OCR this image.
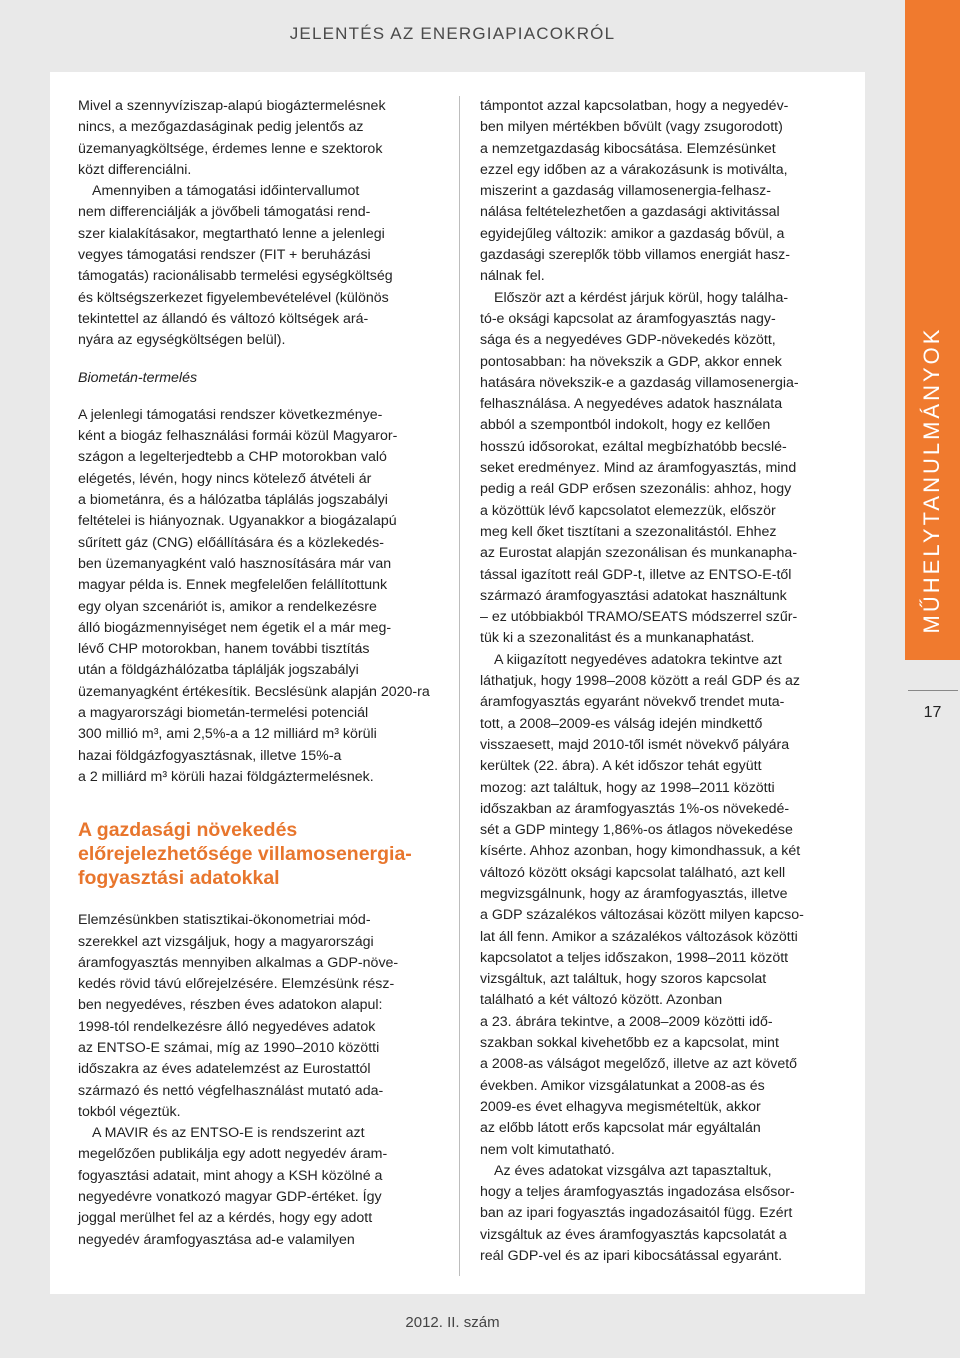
JELENTÉS AZ ENERGIAPIACOKRÓL

Mivel a szennyvíziszap-alapú biogáztermelésnek
nincs, a mezőgazdaságinak pedig jelentős az
üzemanyagköltsége, érdemes lenne e szektorok
közt differenciálni.

Amennyiben a támogatási időintervallumot
nem differenciálják a jövőbeli támogatási rend-
szer kialakításakor, megtartható lenne a jelenlegi
vegyes támogatási rendszer (FIT + beruházási
támogatás) racionálisabb termelési egységköltség
és költségszerkezet figyelembevételével (különös
tekintettel az állandó és változó költségek ará-
nyára az egységköltségen belül).

Biometán-termelés

A jelenlegi támogatási rendszer következménye-
ként a biogáz felhasználási formái közül Magyaror-
szágon a legelterjedtebb a CHP motorokban való
elégetés, lévén, hogy nincs kötelező átvételi ár
a biometánra, és a hálózatba táplálás jogszabályi
feltételei is hiányoznak. Ugyanakkor a biogázalapú
sűrített gáz (CNG) előállítására és a közlekedés-
ben üzemanyagként való hasznosítására már van
magyar példa is. Ennek megfelelően felállítottunk
egy olyan szcenáriót is, amikor a rendelkezésre
álló biogázmennyiséget nem égetik el a már meg-
lévő CHP motorokban, hanem további tisztítás
után a földgázhálózatba táplálják jogszabályi
üzemanyagként értékesítik. Becslésünk alapján 2020-ra
a magyarországi biometán-termelési potenciál
300 millió m³, ami 2,5%-a a 12 milliárd m³ körüli
hazai földgázfogyasztásnak, illetve 15%-a
a 2 milliárd m³ körüli hazai földgáztermelésnek.

A gazdasági növekedés
előrejelezhetősége villamosenergia-
fogyasztási adatokkal

Elemzésünkben statisztikai-ökonometriai mód-
szerekkel azt vizsgáljuk, hogy a magyarországi
áramfogyasztás mennyiben alkalmas a GDP-növe-
kedés rövid távú előrejelzésére. Elemzésünk rész-
ben negyedéves, részben éves adatokon alapul:
1998-tól rendelkezésre álló negyedéves adatok
az ENTSO-E számai, míg az 1990–2010 közötti
időszakra az éves adatelemzést az Eurostattól
származó és nettó végfelhasználást mutató ada-
tokból végeztük.

A MAVIR és az ENTSO-E is rendszerint azt
megelőzően publikálja egy adott negyedév áram-
fogyasztási adatait, mint ahogy a KSH közölné a
negyedévre vonatkozó magyar GDP-értéket. Így
joggal merülhet fel az a kérdés, hogy egy adott
negyedév áramfogyasztása ad-e valamilyen

támpontot azzal kapcsolatban, hogy a negyedév-
ben milyen mértékben bővült (vagy zsugorodott)
a nemzetgazdaság kibocsátása. Elemzésünket
ezzel egy időben az a várakozásunk is motiválta,
miszerint a gazdaság villamosenergia-felhasz-
nálása feltételezhetően a gazdasági aktivitással
egyidejűleg változik: amikor a gazdaság bővül, a
gazdasági szereplők több villamos energiát hasz-
nálnak fel.

Először azt a kérdést járjuk körül, hogy találha-
tó-e oksági kapcsolat az áramfogyasztás nagy-
sága és a negyedéves GDP-növekedés között,
pontosabban: ha növekszik a GDP, akkor ennek
hatására növekszik-e a gazdaság villamosenergia-
felhasználása. A negyedéves adatok használata
abból a szempontból indokolt, hogy ez kellően
hosszú idősorokat, ezáltal megbízhatóbb becslé-
seket eredményez. Mind az áramfogyasztás, mind
pedig a reál GDP erősen szezonális: ahhoz, hogy
a közöttük lévő kapcsolatot elemezzük, először
meg kell őket tisztítani a szezonalitástól. Ehhez
az Eurostat alapján szezonálisan és munkanapha-
tással igazított reál GDP-t, illetve az ENTSO-E-től
származó áramfogyasztási adatokat használtunk
– ez utóbbiakból TRAMO/SEATS módszerrel szűr-
tük ki a szezonalitást és a munkanaphatást.

A kiigazított negyedéves adatokra tekintve azt
láthatjuk, hogy 1998–2008 között a reál GDP és az
áramfogyasztás egyaránt növekvő trendet muta-
tott, a 2008–2009-es válság idején mindkettő
visszaesett, majd 2010-től ismét növekvő pályára
kerültek (22. ábra). A két időszor tehát együtt
mozog: azt találtuk, hogy az 1998–2011 közötti
időszakban az áramfogyasztás 1%-os növekedé-
sét a GDP mintegy 1,86%-os átlagos növekedése
kísérte. Ahhoz azonban, hogy kimondhassuk, a két
változó között oksági kapcsolat található, azt kell
megvizsgálnunk, hogy az áramfogyasztás, illetve
a GDP százalékos változásai között milyen kapcso-
lat áll fenn. Amikor a százalékos változások közötti
kapcsolatot a teljes időszakon, 1998–2011 között
vizsgáltuk, azt találtuk, hogy szoros kapcsolat
található a két változó között. Azonban
a 23. ábrára tekintve, a 2008–2009 közötti idő-
szakban sokkal kivehetőbb ez a kapcsolat, mint
a 2008-as válságot megelőző, illetve az azt követő
években. Amikor vizsgálatunkat a 2008-as és
2009-es évet elhagyva megismételtük, akkor
az előbb látott erős kapcsolat már egyáltalán
nem volt kimutatható.

Az éves adatokat vizsgálva azt tapasztaltuk,
hogy a teljes áramfogyasztás ingadozása elsősor-
ban az ipari fogyasztás ingadozásaitól függ. Ezért
vizsgáltuk az éves áramfogyasztás kapcsolatát a
reál GDP-vel és az ipari kibocsátással egyaránt.

MŰHELYTANULMÁNYOK
17
2012. II. szám
